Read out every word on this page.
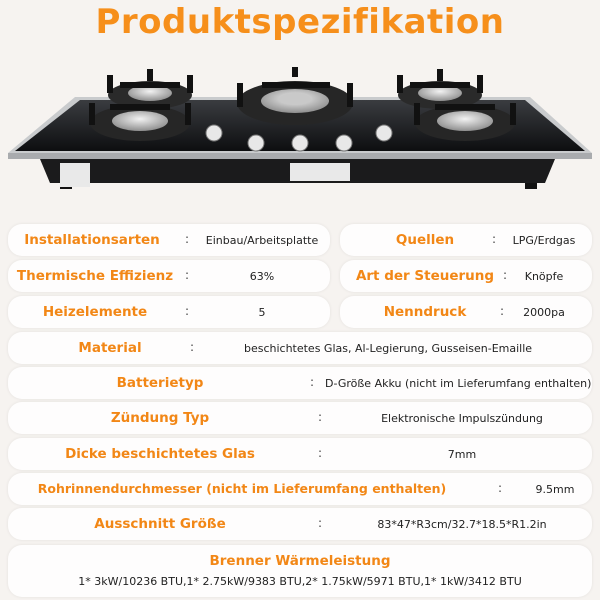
Produktspezifikation
Installationsarten : Einbau/Arbeitsplatte	Quellen	: LPG/Erdgas
Thermische Effizienz :	63%	Art der Steuerung : Knöpfe
Heizelemente	:	5	Nenndruck	: 2000pa
Material	:	beschichtetes Glas, Al-Legierung, Gusseisen-Emaille
Batterietyp	: D-Größe Akku (nicht im Lieferumfang enthalten)
Zündung Typ	:	Elektronische Impulszündung
Dicke beschichtetes Glas	:	7mm
Rohrinnendurchmesser (nicht im Lieferumfang enthalten)	:	9.5mm
Ausschnitt Größe	:	83*47*R3cm/32.7*18.5*R1.2in
Brenner Wärmeleistung
1* 3kW/10236 BTU,1* 2.75kW/9383 BTU,2* 1.75kW/5971 BTU,1* 1kW/3412 BTU
